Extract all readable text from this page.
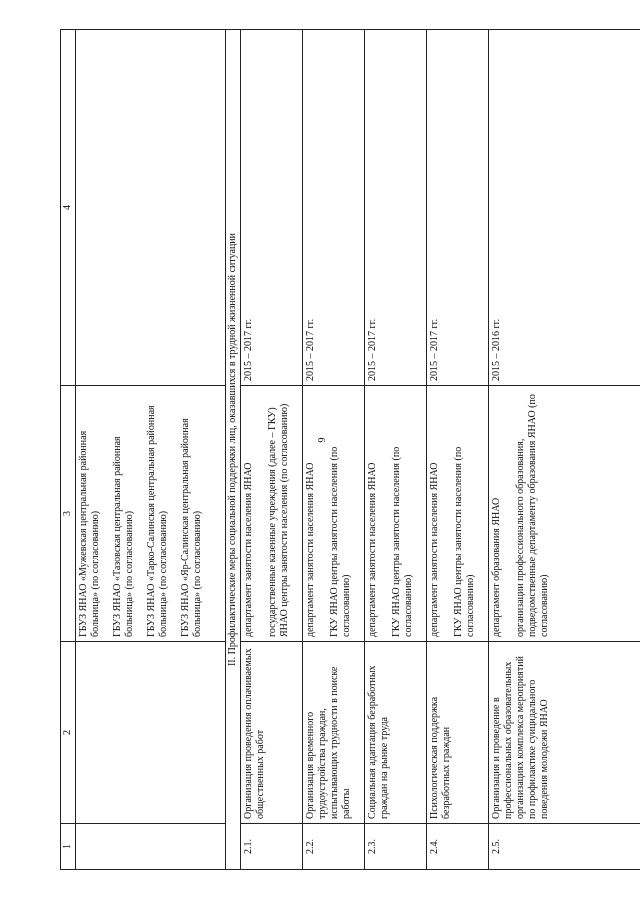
6
1	2	3	4

		ГБУЗ ЯНАО «Мужевская центральная районная больница» (по согласованию) ГБУЗ ЯНАО «Тазовская центральная районная больница» (по согласованию) ГБУЗ ЯНАО «Тарко-Салинская центральная районная больница» (по согласованию) ГБУЗ ЯНАО «Яр-Салинская центральная районная больница» (по согласованию)	

II. Профилактические меры социальной поддержки лиц, оказавшихся в трудной жизненной ситуации			
2.1.	Организация проведения оплачиваемых общественных работ	департамент занятости населения ЯНАО государственные казенные учреждения (далее – ГКУ) ЯНАО центры занятости населения (по согласованию)	2015 – 2017 гг.
2.2.	Организация временного трудоустройства граждан, испытывающих трудности в поиске работы	департамент занятости населения ЯНАО ГКУ ЯНАО центры занятости населения (по согласованию)	2015 – 2017 гг.
2.3.	Социальная адаптация безработных граждан на рынке труда	департамент занятости населения ЯНАО ГКУ ЯНАО центры занятости населения (по согласованию)	2015 – 2017 гг.
2.4.	Психологическая поддержка безработных граждан	департамент занятости населения ЯНАО ГКУ ЯНАО центры занятости населения (по согласованию)	2015 – 2017 гг.
2.5.	Организация и проведение в профессиональных образовательных организациях комплекса мероприятий по профилактике суицидального поведения молодежи ЯНАО	департамент образования ЯНАО организации профессионального образования, подведомственные департаменту образования ЯНАО (по согласованию)	2015 – 2016 гг.
